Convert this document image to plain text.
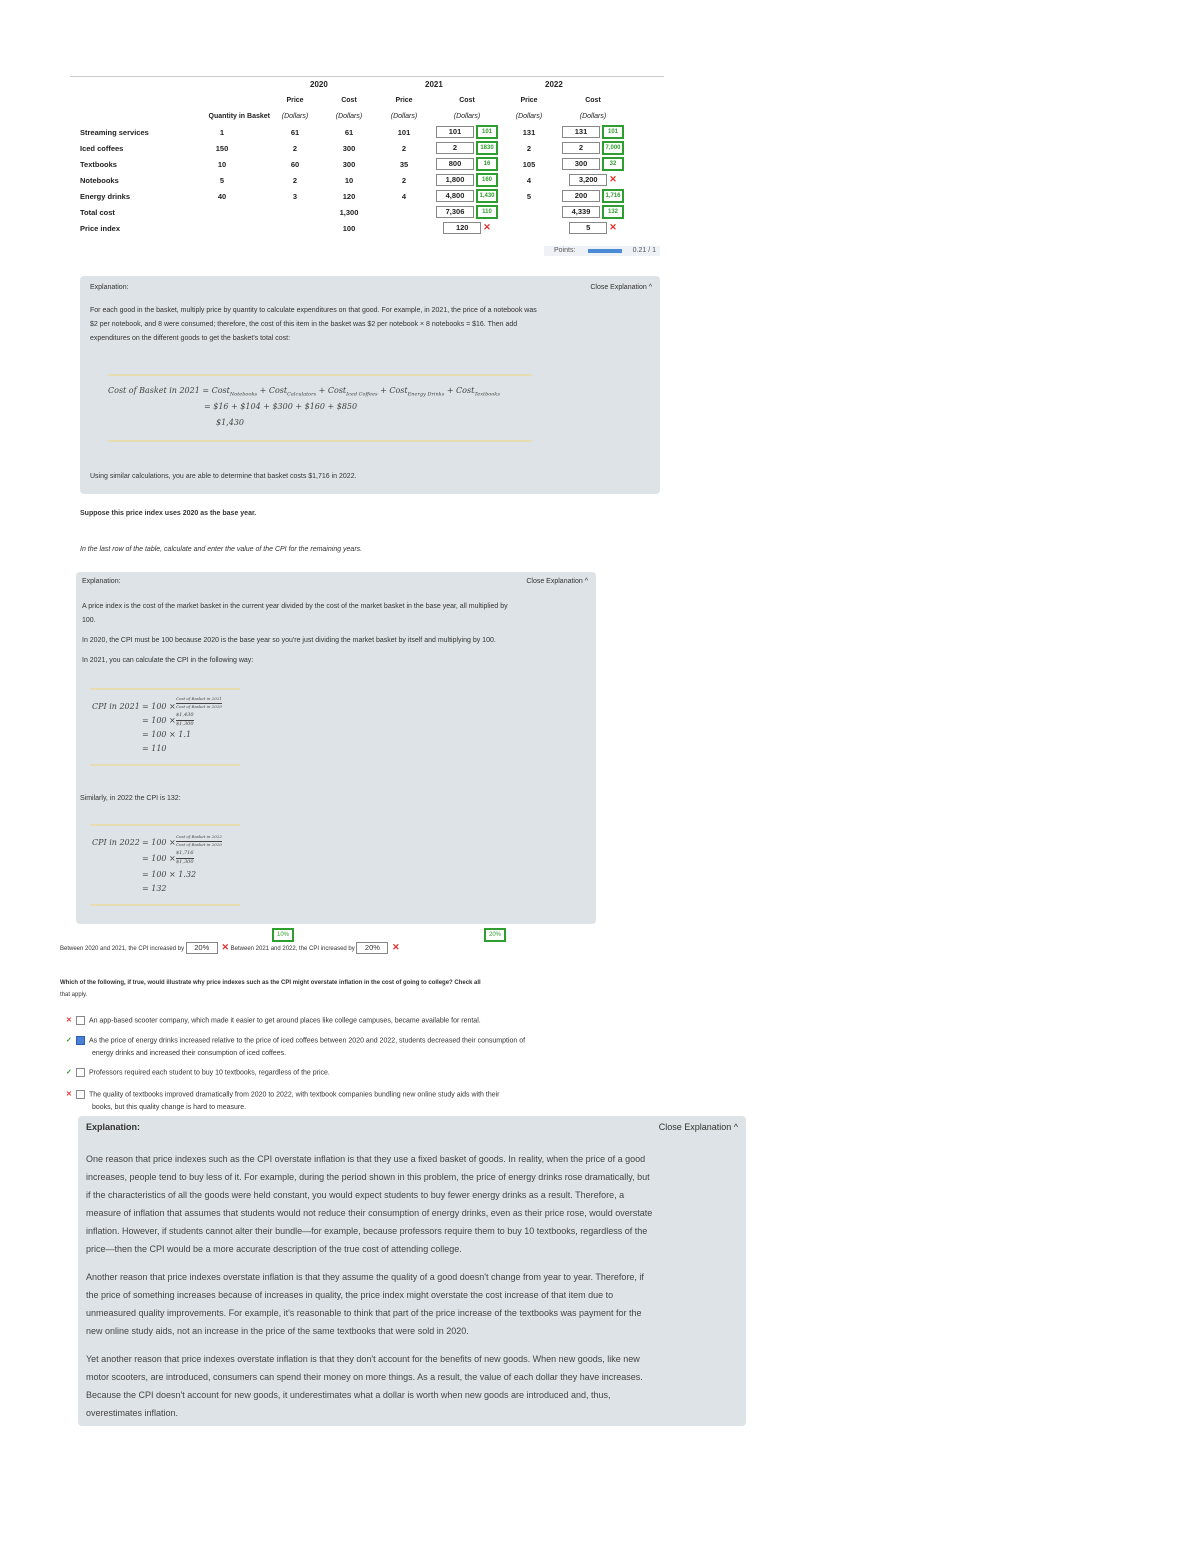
2020	2021	2022
		Price	Cost	Price	Cost	Price	Cost
	Quantity in Basket	(Dollars)	(Dollars)	(Dollars)	(Dollars)	(Dollars)	(Dollars)
Streaming services	1	61	61	101	101 101	131	131 101
Iced coffees	150	2	300	2	2 1830	2	2 7,000
Textbooks	10	60	300	35	800 16	105	300 32
Notebooks	5	2	10	2	1,800 160	4	3,200 ✕
Energy drinks	40	3	120	4	4,800 1,430	5	200 1,716
Total cost			1,300		7,306 110		4,339 132
Price index			100		120 ✕		5 ✕
Points:	0.21 / 1
Explanation:	Close Explanation ^

For each good in the basket, multiply price by quantity to calculate expenditures on that good. For example, in 2021, the price of a notebook was

$2 per notebook, and 8 were consumed; therefore, the cost of this item in the basket was $2 per notebook × 8 notebooks = $16. Then add

expenditures on the different goods to get the basket's total cost:

Cost of Basket in 2021 = Cost$_{Notebooks}$ + Cost$_{Calculators}$ + Cost$_{Iced Coffees}$ + Cost$_{Energy Drinks}$ + Cost$_{Textbooks}$
= $16 + $104 + $300 + $160 + $850
$1,430

Using similar calculations, you are able to determine that basket costs $1,716 in 2022.

Suppose this price index uses 2020 as the base year.
In the last row of the table, calculate and enter the value of the CPI for the remaining years.
Explanation:	Close Explanation ^

A price index is the cost of the market basket in the current year divided by the cost of the market basket in the base year, all multiplied by

100.

In 2020, the CPI must be 100 because 2020 is the base year so you're just dividing the market basket by itself and multiplying by 100.

In 2021, you can calculate the CPI in the following way:

CPI in 2021 = 100 ×
Cost of Basket in 2021
Cost of Basket in 2020
= 100 ×
$1,430
$1,300
= 100 × 1.1
= 110

Similarly, in 2022 the CPI is 132:

CPI in 2022 = 100 ×
Cost of Basket in 2022
Cost of Basket in 2020
= 100 ×
$1,716
$1,300
= 100 × 1.32
= 132
Between 2020 and 2021, the CPI increased by 20% ✕ Between 2021 and 2022, the CPI increased by 20% ✕
10%	20%
Which of the following, if true, would illustrate why price indexes such as the CPI might overstate inflation in the cost of going to college? Check all
that apply.
✕ An app-based scooter company, which made it easier to get around places like college campuses, became available for rental.
✓ As the price of energy drinks increased relative to the price of iced coffees between 2020 and 2022, students decreased their consumption of
energy drinks and increased their consumption of iced coffees.
✓ Professors required each student to buy 10 textbooks, regardless of the price.
✕ The quality of textbooks improved dramatically from 2020 to 2022, with textbook companies bundling new online study aids with their
books, but this quality change is hard to measure.
Explanation:	Close Explanation ^

One reason that price indexes such as the CPI overstate inflation is that they use a fixed basket of goods. In reality, when the price of a good

increases, people tend to buy less of it. For example, during the period shown in this problem, the price of energy drinks rose dramatically, but

if the characteristics of all the goods were held constant, you would expect students to buy fewer energy drinks as a result. Therefore, a

measure of inflation that assumes that students would not reduce their consumption of energy drinks, even as their price rose, would overstate

inflation. However, if students cannot alter their bundle—for example, because professors require them to buy 10 textbooks, regardless of the

price—then the CPI would be a more accurate description of the true cost of attending college.

Another reason that price indexes overstate inflation is that they assume the quality of a good doesn't change from year to year. Therefore, if

the price of something increases because of increases in quality, the price index might overstate the cost increase of that item due to

unmeasured quality improvements. For example, it's reasonable to think that part of the price increase of the textbooks was payment for the

new online study aids, not an increase in the price of the same textbooks that were sold in 2020.

Yet another reason that price indexes overstate inflation is that they don't account for the benefits of new goods. When new goods, like new

motor scooters, are introduced, consumers can spend their money on more things. As a result, the value of each dollar they have increases.

Because the CPI doesn't account for new goods, it underestimates what a dollar is worth when new goods are introduced and, thus,

overestimates inflation.
